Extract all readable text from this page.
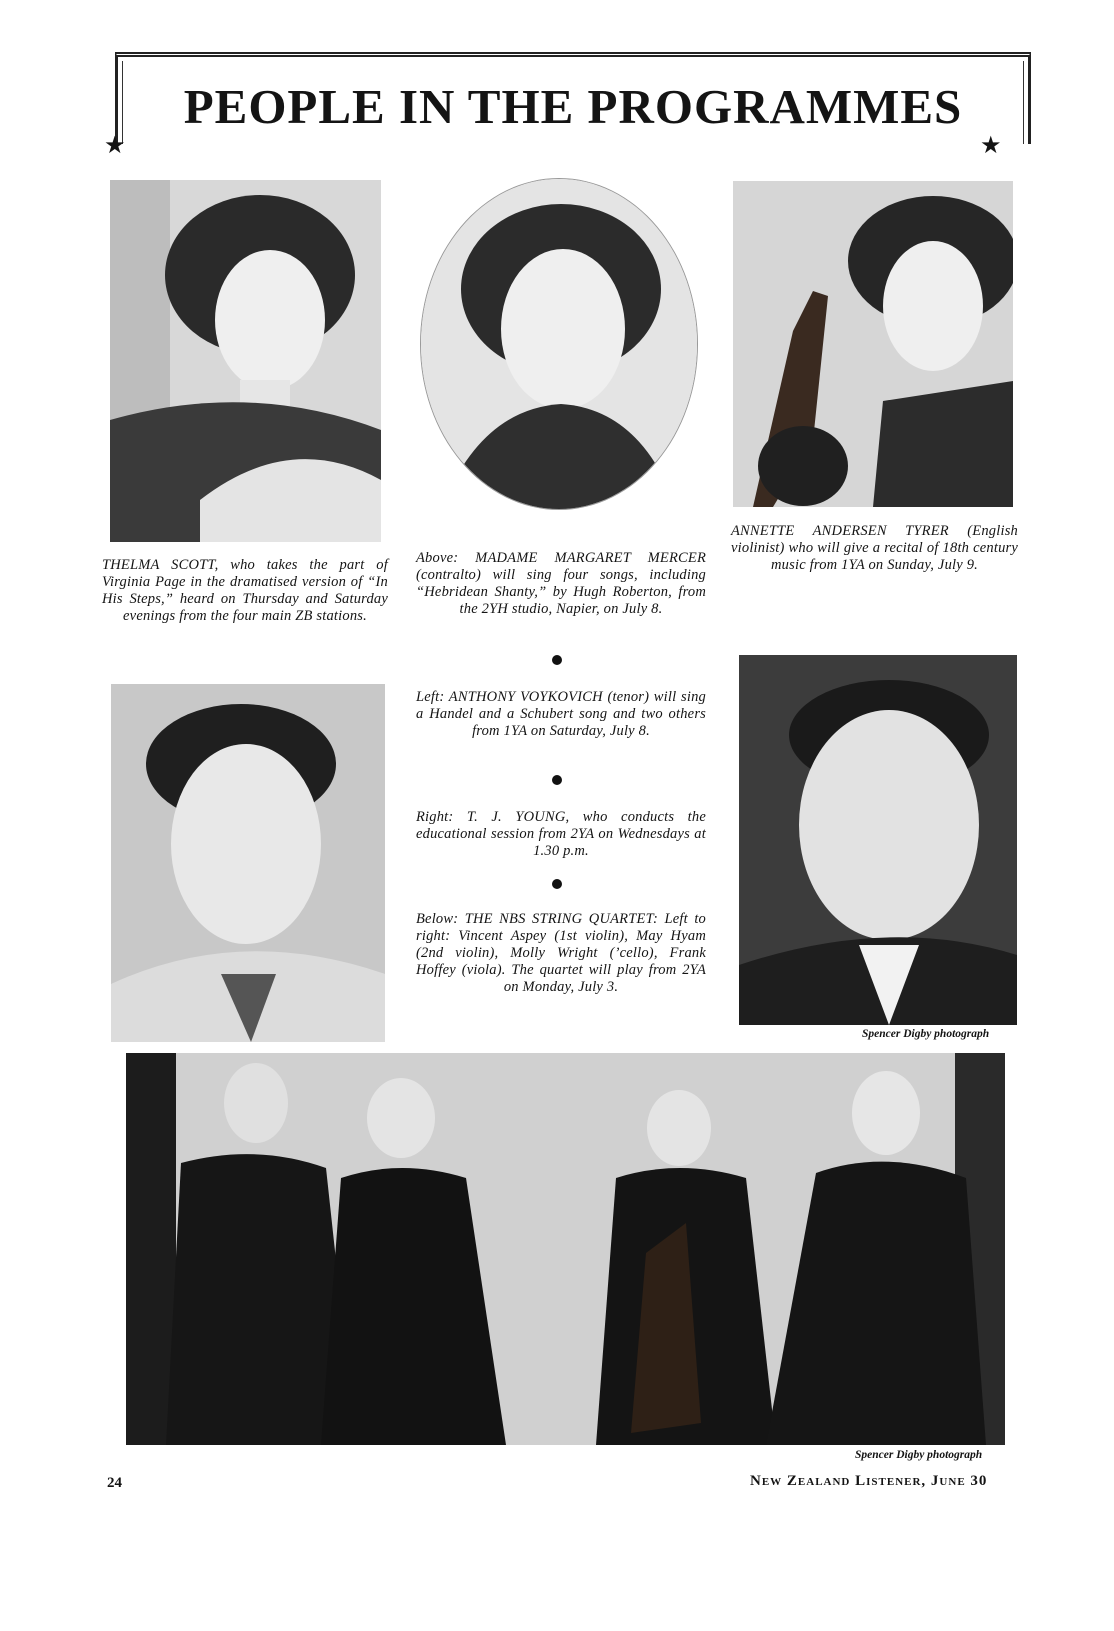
PEOPLE IN THE PROGRAMMES
★	★
THELMA SCOTT, who takes the part of Virginia Page in the dramatised version of “In His Steps,” heard on Thursday and Saturday evenings from the four main ZB stations.
Above: MADAME MARGARET MERCER (contralto) will sing four songs, including “Hebridean Shanty,” by Hugh Roberton, from the 2YH studio, Napier, on July 8.
ANNETTE ANDERSEN TYRER (English violinist) who will give a recital of 18th century music from 1YA on Sunday, July 9.
Left: ANTHONY VOYKOVICH (tenor) will sing a Handel and a Schubert song and two others from 1YA on Saturday, July 8.
Right: T. J. YOUNG, who conducts the educational session from 2YA on Wednesdays at 1.30 p.m.
Below: THE NBS STRING QUARTET: Left to right: Vincent Aspey (1st violin), May Hyam (2nd violin), Molly Wright (’cello), Frank Hoffey (viola). The quartet will play from 2YA on Monday, July 3.
Spencer Digby photograph
Spencer Digby photograph
24	New Zealand Listener, June 30
